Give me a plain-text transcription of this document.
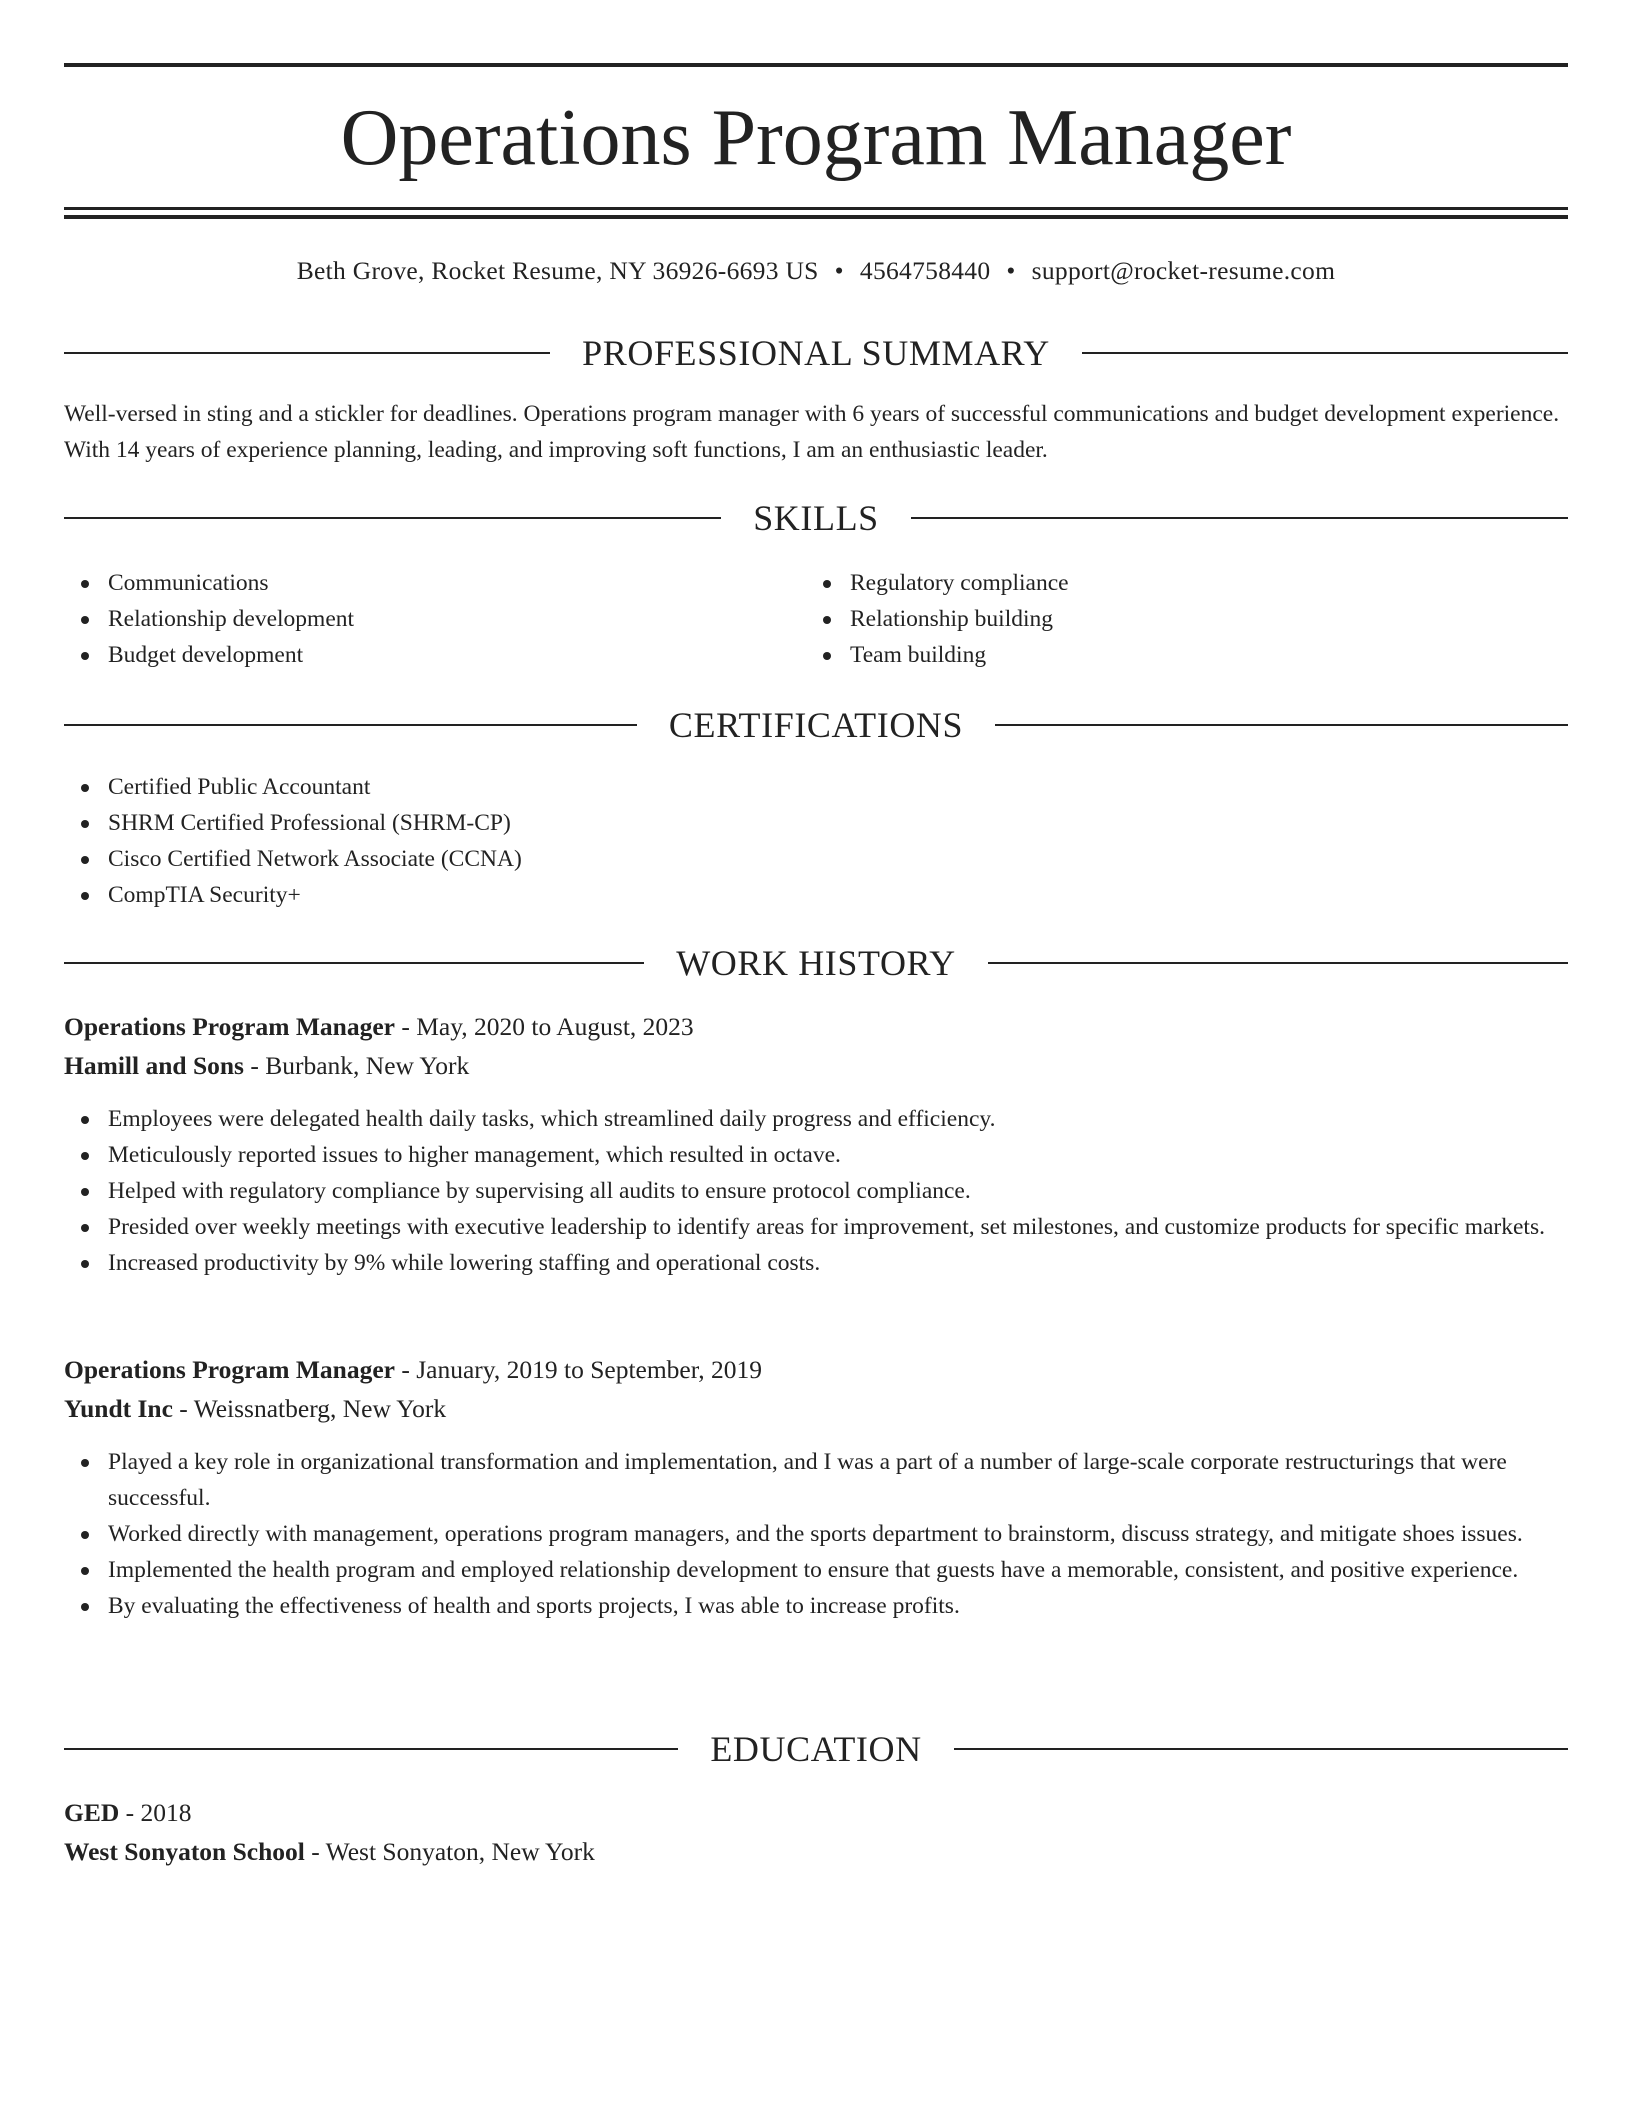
Operations Program Manager
Beth Grove, Rocket Resume, NY 36926-6693 US • 4564758440 • support@rocket-resume.com
PROFESSIONAL SUMMARY

Well-versed in sting and a stickler for deadlines. Operations program manager with 6 years of successful communications and budget development experience. With 14 years of experience planning, leading, and improving soft functions, I am an enthusiastic leader.

SKILLS
Communications
Relationship development
Budget development
Regulatory compliance
Relationship building
Team building
CERTIFICATIONS
Certified Public Accountant
SHRM Certified Professional (SHRM-CP)
Cisco Certified Network Associate (CCNA)
CompTIA Security+
WORK HISTORY
Operations Program Manager - May, 2020 to August, 2023
Hamill and Sons - Burbank, New York
Employees were delegated health daily tasks, which streamlined daily progress and efficiency.
Meticulously reported issues to higher management, which resulted in octave.
Helped with regulatory compliance by supervising all audits to ensure protocol compliance.
Presided over weekly meetings with executive leadership to identify areas for improvement, set milestones, and customize products for specific markets.
Increased productivity by 9% while lowering staffing and operational costs.
Operations Program Manager - January, 2019 to September, 2019
Yundt Inc - Weissnatberg, New York
Played a key role in organizational transformation and implementation, and I was a part of a number of large-scale corporate restructurings that were successful.
Worked directly with management, operations program managers, and the sports department to brainstorm, discuss strategy, and mitigate shoes issues.
Implemented the health program and employed relationship development to ensure that guests have a memorable, consistent, and positive experience.
By evaluating the effectiveness of health and sports projects, I was able to increase profits.
EDUCATION
GED - 2018
West Sonyaton School - West Sonyaton, New York
